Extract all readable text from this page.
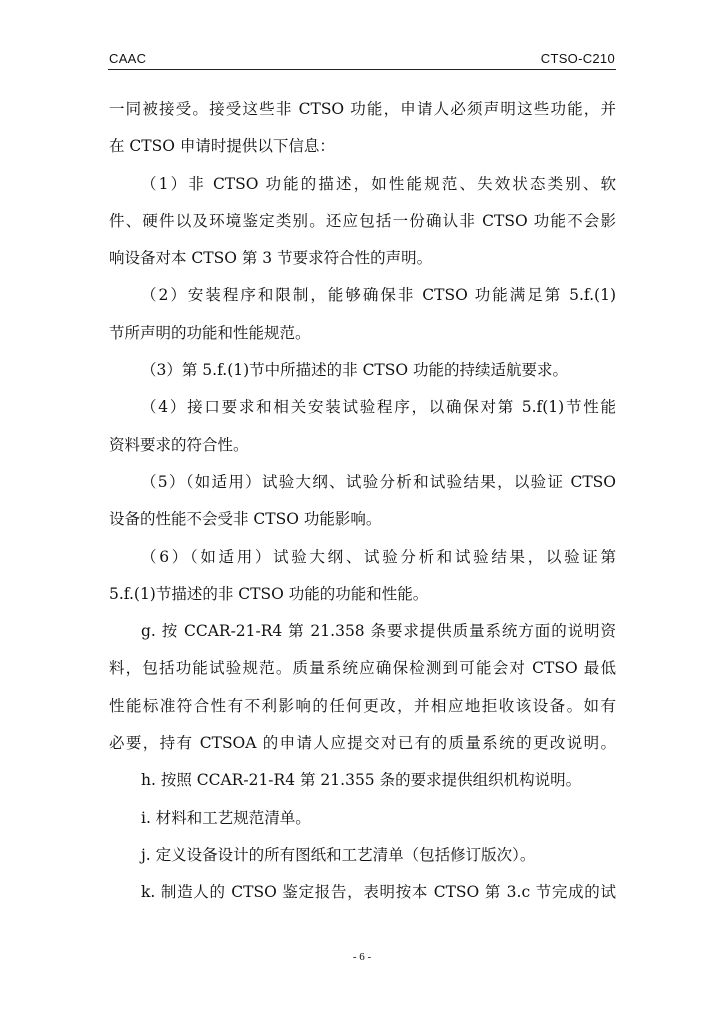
CAAC	CTSO-C210
一同被接受。接受这些非 CTSO 功能，申请人必须声明这些功能，并
在 CTSO 申请时提供以下信息：
（1）非 CTSO 功能的描述，如性能规范、失效状态类别、软
件、硬件以及环境鉴定类别。还应包括一份确认非 CTSO 功能不会影
响设备对本 CTSO 第 3 节要求符合性的声明。
（2）安装程序和限制，能够确保非 CTSO 功能满足第 5.f.(1)
节所声明的功能和性能规范。
（3）第 5.f.(1)节中所描述的非 CTSO 功能的持续适航要求。
（4）接口要求和相关安装试验程序，以确保对第 5.f(1)节性能
资料要求的符合性。
（5）（如适用）试验大纲、试验分析和试验结果，以验证 CTSO
设备的性能不会受非 CTSO 功能影响。
（6）（如适用）试验大纲、试验分析和试验结果，以验证第
5.f.(1)节描述的非 CTSO 功能的功能和性能。
g. 按 CCAR-21-R4 第 21.358 条要求提供质量系统方面的说明资
料，包括功能试验规范。质量系统应确保检测到可能会对 CTSO 最低
性能标准符合性有不利影响的任何更改，并相应地拒收该设备。如有
必要，持有 CTSOA 的申请人应提交对已有的质量系统的更改说明。
h. 按照 CCAR-21-R4 第 21.355 条的要求提供组织机构说明。
i. 材料和工艺规范清单。
j. 定义设备设计的所有图纸和工艺清单（包括修订版次）。
k. 制造人的 CTSO 鉴定报告，表明按本 CTSO 第 3.c 节完成的试
- 6 -
